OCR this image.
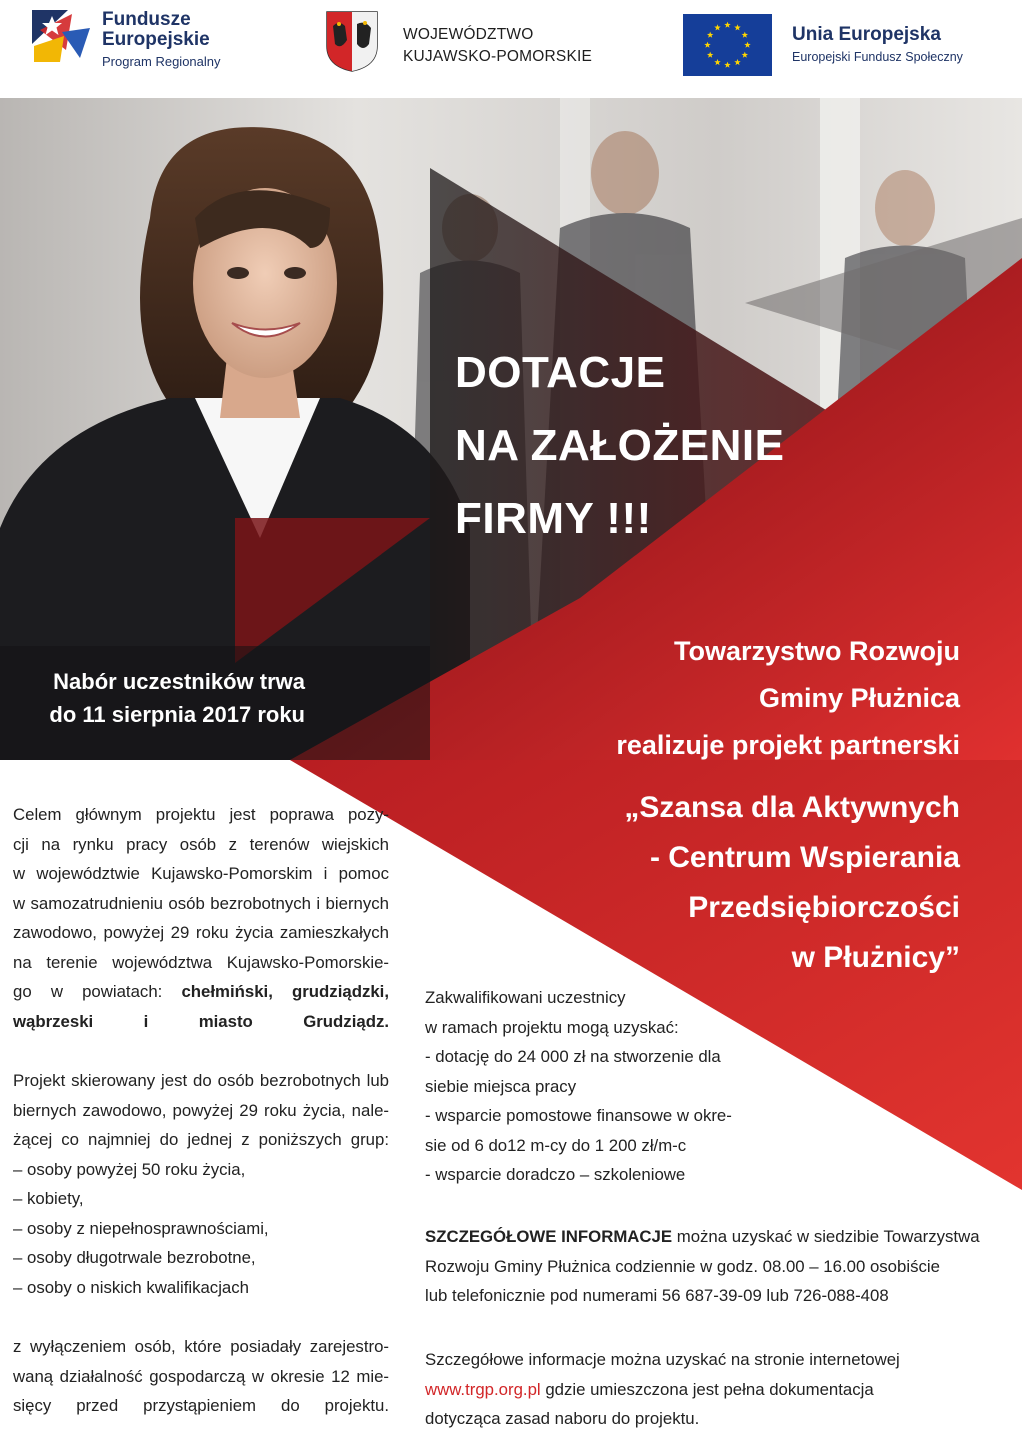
Fundusze
Europejskie
Program Regionalny
WOJEWÓDZTWO
KUJAWSKO-POMORSKIE
Unia Europejska
Europejski Fundusz Społeczny
DOTACJE
NA ZAŁOŻENIE
FIRMY !!!
Nabór uczestników trwa
do 11 sierpnia 2017 roku
Towarzystwo Rozwoju
Gminy Płużnica
realizuje projekt partnerski
„Szansa dla Aktywnych
- Centrum Wspierania
Przedsiębiorczości
w Płużnicy”
Celem głównym projektu jest poprawa pozy-
cji na rynku pracy osób z terenów wiejskich
w województwie Kujawsko-Pomorskim i pomoc
w samozatrudnieniu osób bezrobotnych i biernych
zawodowo, powyżej 29 roku życia zamieszkałych
na terenie województwa Kujawsko-Pomorskie-
go w powiatach: chełmiński, grudziądzki,
wąbrzeski i miasto Grudziądz.
Projekt skierowany jest do osób bezrobotnych lub
biernych zawodowo, powyżej 29 roku życia, nale-
żącej co najmniej do jednej z poniższych grup:
– osoby powyżej 50 roku życia,
– kobiety,
– osoby z niepełnosprawnościami,
– osoby długotrwale bezrobotne,
– osoby o niskich kwalifikacjach
z wyłączeniem osób, które posiadały zarejestro-
waną działalność gospodarczą w okresie 12 mie-
sięcy przed przystąpieniem do projektu.
Zakwalifikowani uczestnicy
w ramach projektu mogą uzyskać:
- dotację do 24 000 zł na stworzenie dla
siebie miejsca pracy
- wsparcie pomostowe finansowe w okre-
sie od 6 do12 m-cy do 1 200 zł/m-c
- wsparcie doradczo – szkoleniowe
SZCZEGÓŁOWE INFORMACJE można uzyskać w siedzibie Towarzystwa
Rozwoju Gminy Płużnica codziennie w godz. 08.00 – 16.00 osobiście
lub telefonicznie pod numerami 56 687-39-09 lub 726-088-408
Szczegółowe informacje można uzyskać na stronie internetowej
www.trgp.org.pl gdzie umieszczona jest pełna dokumentacja
dotycząca zasad naboru do projektu.
